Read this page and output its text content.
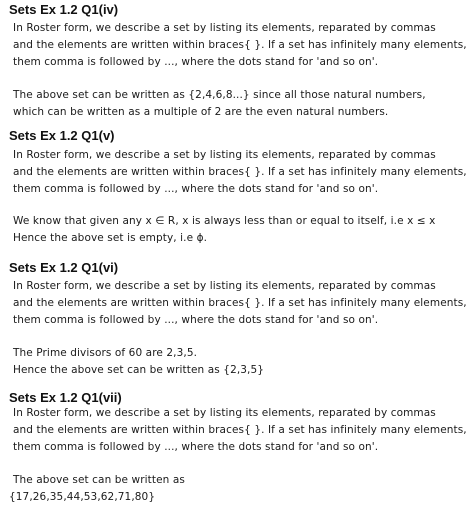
Sets Ex 1.2 Q1(iv)
In Roster form, we describe a set by listing its elements, reparated by commas
and the elements are written within braces{ }. If a set has infinitely many elements,
them comma is followed by ..., where the dots stand for 'and so on'.
The above set can be written as {2,4,6,8...} since all those natural numbers,
which can be written as a multiple of 2 are the even natural numbers.
Sets Ex 1.2 Q1(v)
In Roster form, we describe a set by listing its elements, reparated by commas
and the elements are written within braces{ }. If a set has infinitely many elements,
them comma is followed by ..., where the dots stand for 'and so on'.
We know that given any x ∈ R, x is always less than or equal to itself, i.e x ≤ x
Hence the above set is empty, i.e ϕ.
Sets Ex 1.2 Q1(vi)
In Roster form, we describe a set by listing its elements, reparated by commas
and the elements are written within braces{ }. If a set has infinitely many elements,
them comma is followed by ..., where the dots stand for 'and so on'.
The Prime divisors of 60 are 2,3,5.
Hence the above set can be written as {2,3,5}
Sets Ex 1.2 Q1(vii)
In Roster form, we describe a set by listing its elements, reparated by commas
and the elements are written within braces{ }. If a set has infinitely many elements,
them comma is followed by ..., where the dots stand for 'and so on'.
The above set can be written as
{17,26,35,44,53,62,71,80}
